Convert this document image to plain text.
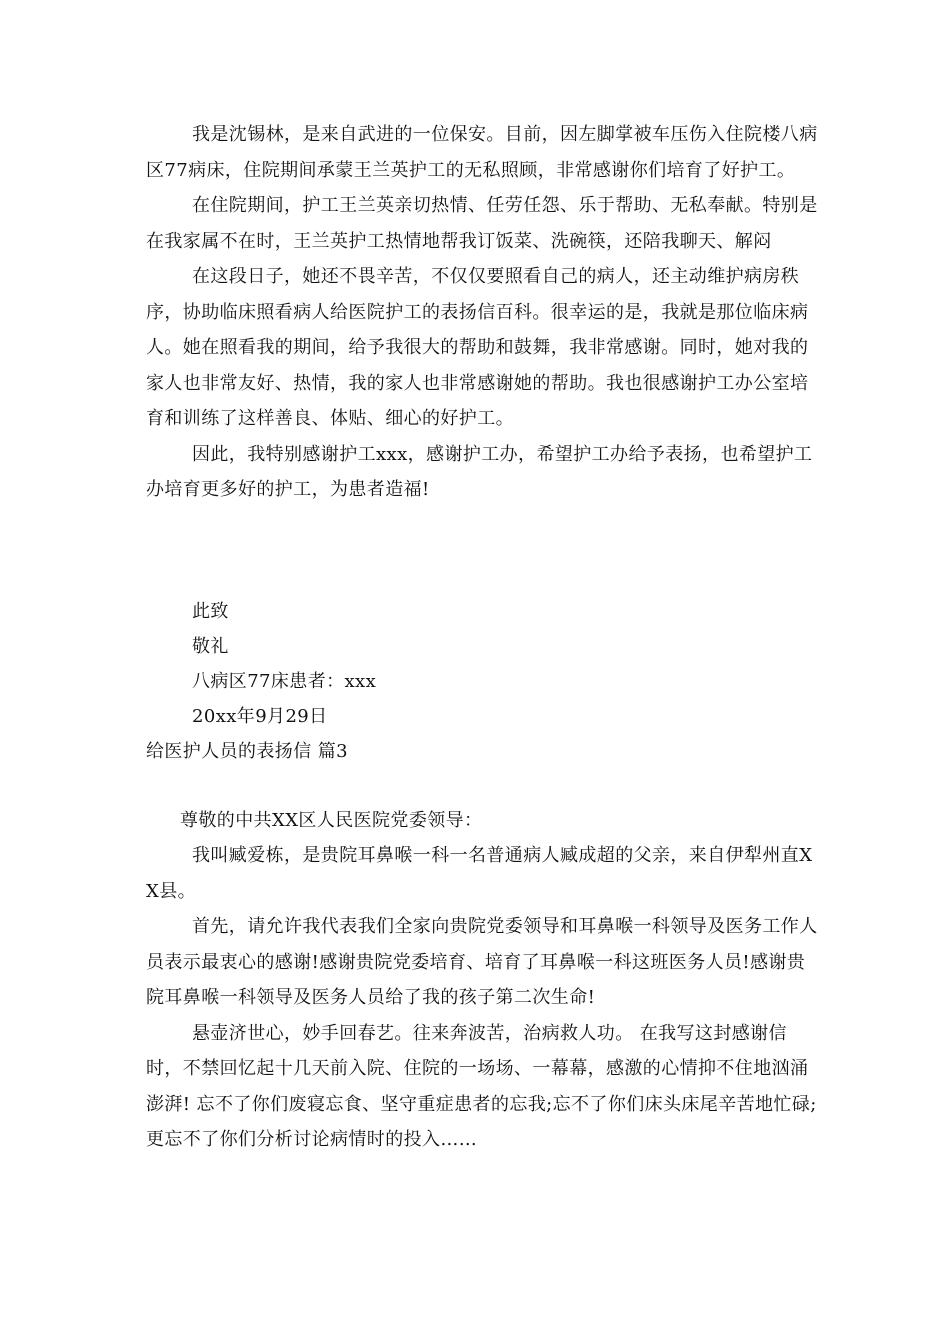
我是沈锡林，是来自武进的一位保安。目前，因左脚掌被车压伤入住院楼八病区77病床，住院期间承蒙王兰英护工的无私照顾，非常感谢你们培育了好护工。

在住院期间，护工王兰英亲切热情、任劳任怨、乐于帮助、无私奉献。特别是在我家属不在时，王兰英护工热情地帮我订饭菜、洗碗筷，还陪我聊天、解闷

在这段日子，她还不畏辛苦，不仅仅要照看自己的病人，还主动维护病房秩序，协助临床照看病人给医院护工的表扬信百科。很幸运的是，我就是那位临床病人。她在照看我的期间，给予我很大的帮助和鼓舞，我非常感谢。同时，她对我的家人也非常友好、热情，我的家人也非常感谢她的帮助。我也很感谢护工办公室培育和训练了这样善良、体贴、细心的好护工。

因此，我特别感谢护工xxx，感谢护工办，希望护工办给予表扬，也希望护工办培育更多好的护工，为患者造福!

此致
敬礼
八病区77床患者：xxx
20xx年9月29日
给医护人员的表扬信 篇3
尊敬的中共XX区人民医院党委领导：

我叫臧爱栋，是贵院耳鼻喉一科一名普通病人臧成超的父亲，来自伊犁州直XX县。

首先，请允许我代表我们全家向贵院党委领导和耳鼻喉一科领导及医务工作人员表示最衷心的感谢!感谢贵院党委培育、培育了耳鼻喉一科这班医务人员!感谢贵院耳鼻喉一科领导及医务人员给了我的孩子第二次生命!

悬壶济世心，妙手回春艺。往来奔波苦，治病救人功。 在我写这封感谢信时，不禁回忆起十几天前入院、住院的一场场、一幕幕，感激的心情抑不住地汹涌澎湃! 忘不了你们废寝忘食、坚守重症患者的忘我;忘不了你们床头床尾辛苦地忙碌;更忘不了你们分析讨论病情时的投入……
